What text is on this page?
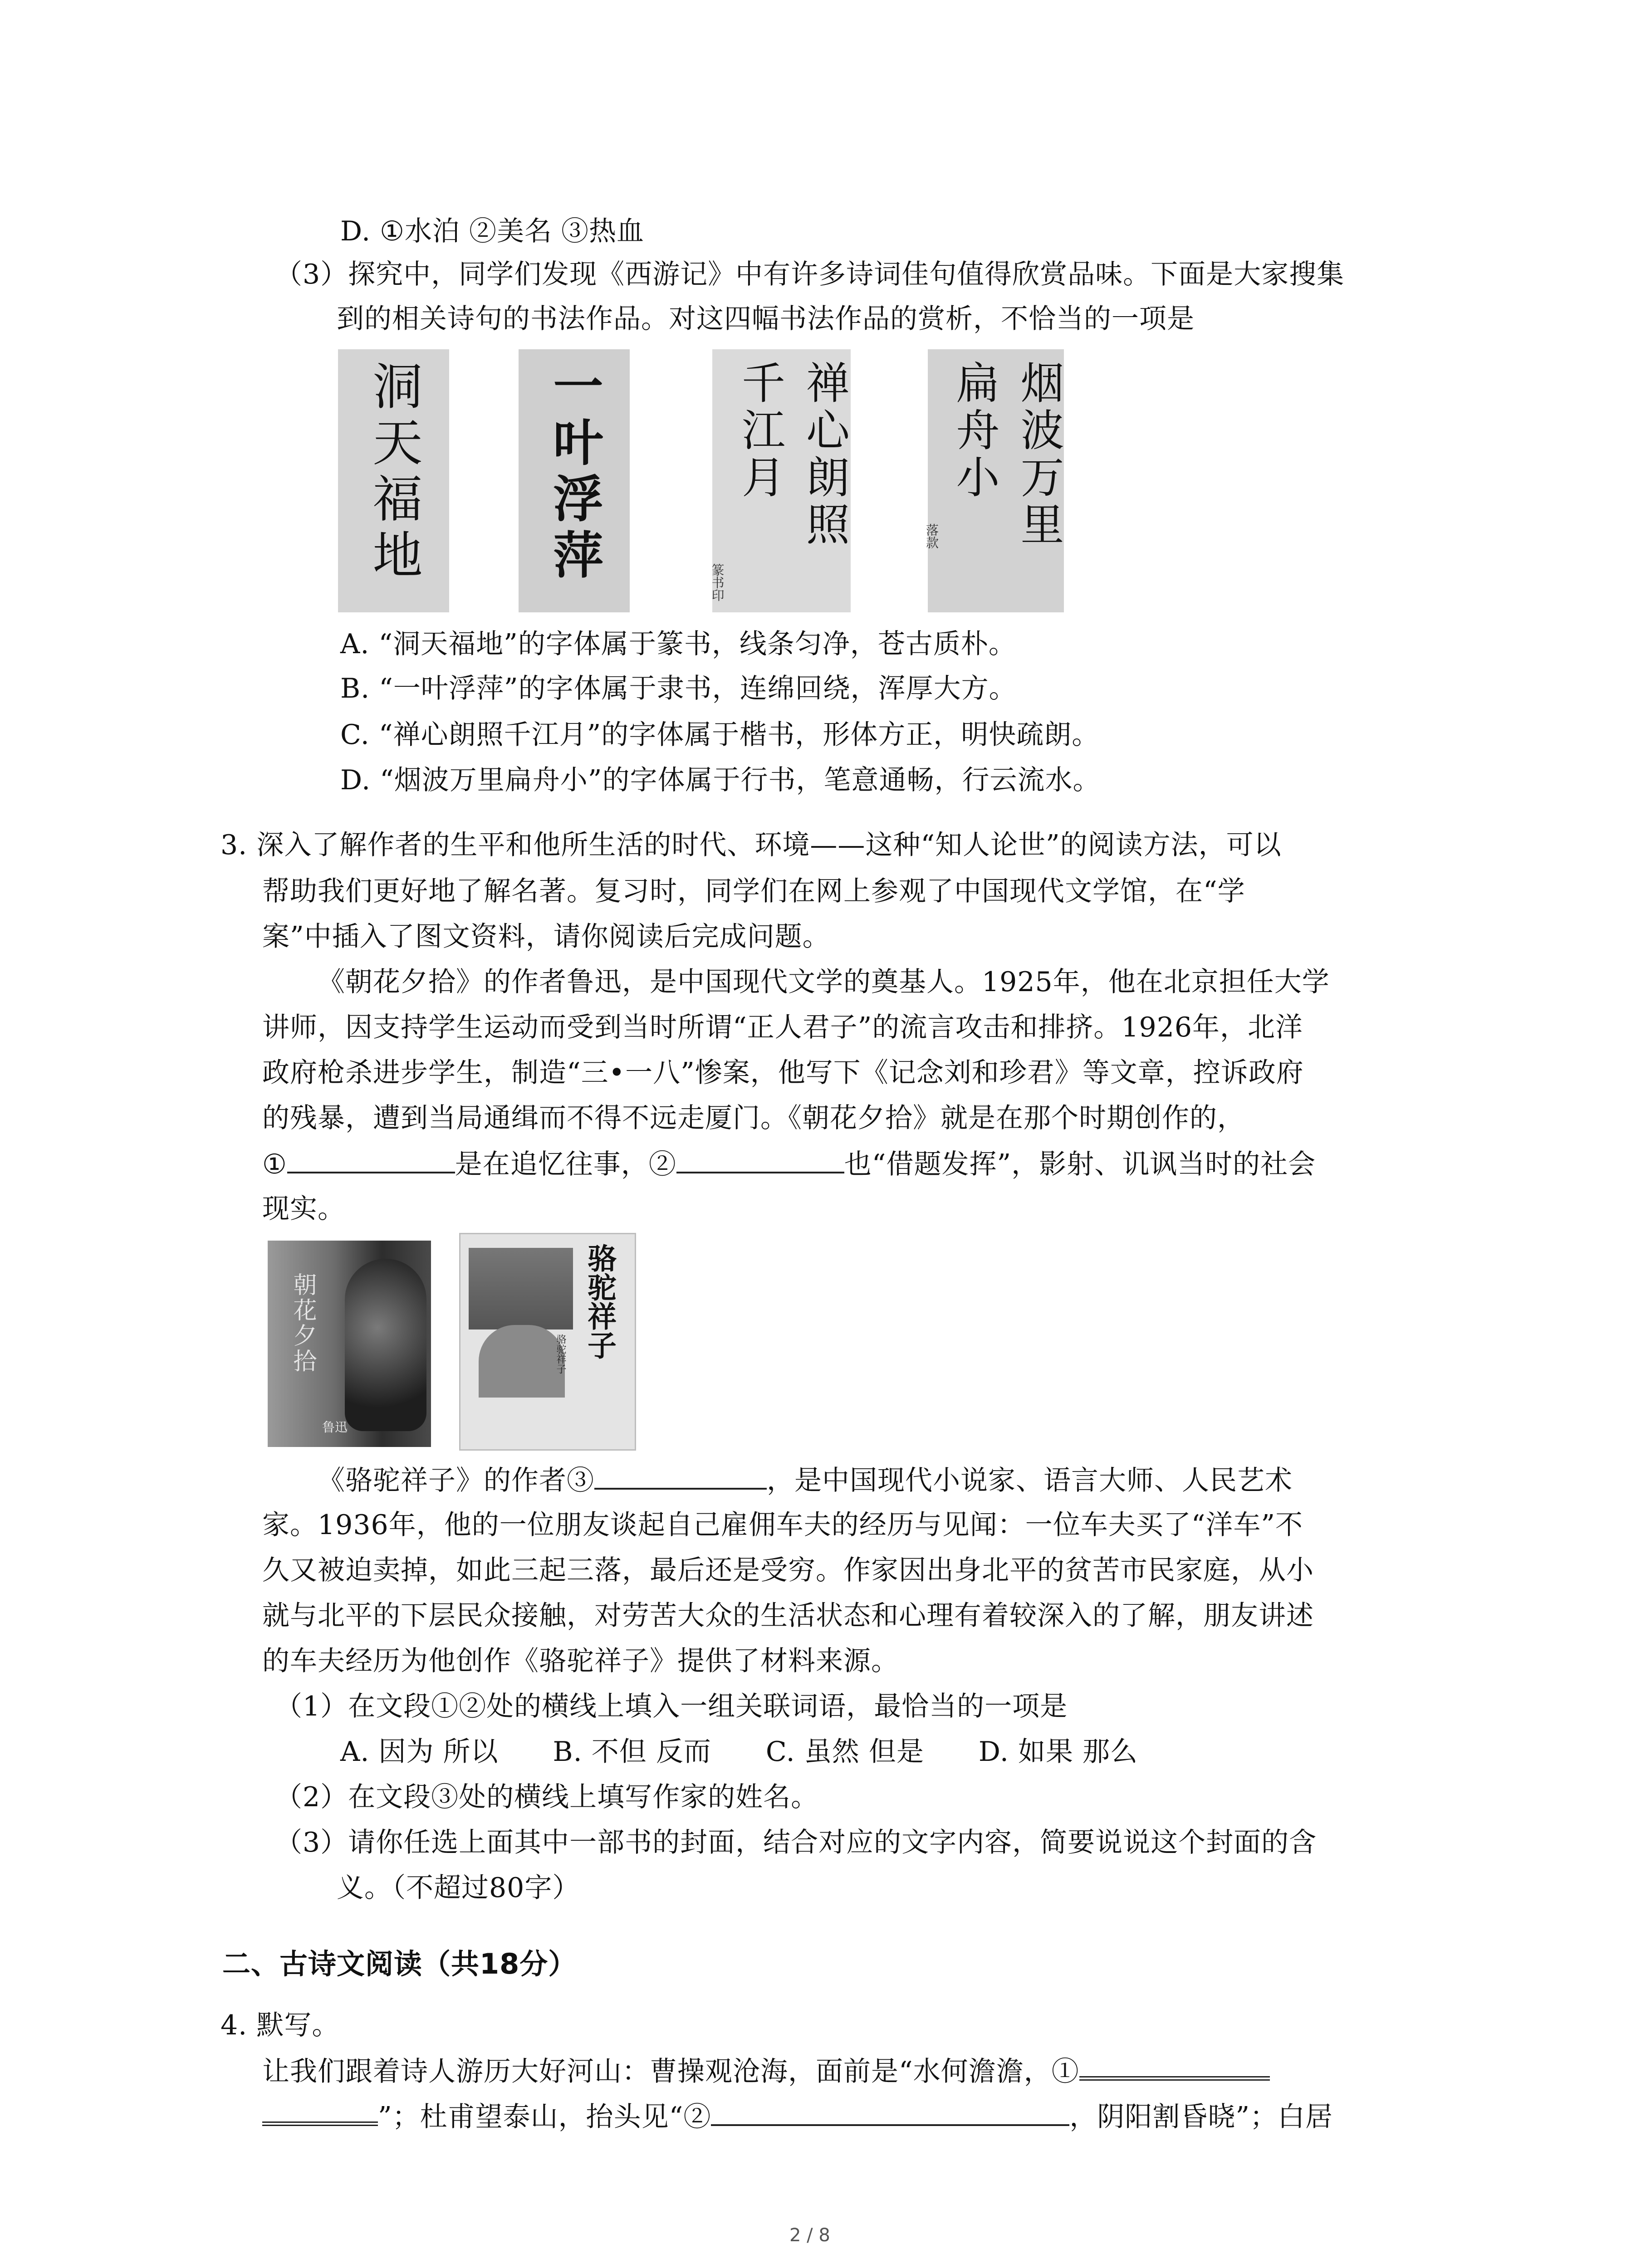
D. ①水泊 ②美名 ③热血
（3）探究中，同学们发现《西游记》中有许多诗词佳句值得欣赏品味。下面是大家搜集
到的相关诗句的书法作品。对这四幅书法作品的赏析，不恰当的一项是
洞天福地 一叶浮萍	禅心朗照
千江月
篆书印
烟波万里
扁舟小
落款
A. “洞天福地”的字体属于篆书，线条匀净，苍古质朴。
B. “一叶浮萍”的字体属于隶书，连绵回绕，浑厚大方。
C. “禅心朗照千江月”的字体属于楷书，形体方正，明快疏朗。
D. “烟波万里扁舟小”的字体属于行书，笔意通畅，行云流水。
3. 深入了解作者的生平和他所生活的时代、环境——这种“知人论世”的阅读方法，可以
帮助我们更好地了解名著。复习时，同学们在网上参观了中国现代文学馆，在“学
案”中插入了图文资料，请你阅读后完成问题。
《朝花夕拾》的作者鲁迅，是中国现代文学的奠基人。1925年，他在北京担任大学
讲师，因支持学生运动而受到当时所谓“正人君子”的流言攻击和排挤。1926年，北洋
政府枪杀进步学生，制造“三•一八”惨案，他写下《记念刘和珍君》等文章，控诉政府
的残暴，遭到当局通缉而不得不远走厦门。《朝花夕拾》就是在那个时期创作的，
①	是在追忆往事，②	也“借题发挥”，影射、讥讽当时的社会
现实。
朝花夕拾
鲁迅
骆驼祥子
骆驼祥子
《骆驼祥子》的作者③	，是中国现代小说家、语言大师、人民艺术
家。1936年，他的一位朋友谈起自己雇佣车夫的经历与见闻：一位车夫买了“洋车”不
久又被迫卖掉，如此三起三落，最后还是受穷。作家因出身北平的贫苦市民家庭，从小
就与北平的下层民众接触，对劳苦大众的生活状态和心理有着较深入的了解，朋友讲述
的车夫经历为他创作《骆驼祥子》提供了材料来源。
（1）在文段①②处的横线上填入一组关联词语，最恰当的一项是
A. 因为 所以 B. 不但 反而 C. 虽然 但是 D. 如果 那么
（2）在文段③处的横线上填写作家的姓名。
（3）请你任选上面其中一部书的封面，结合对应的文字内容，简要说说这个封面的含
义。（不超过80字）
二、古诗文阅读（共18分）
4. 默写。
让我们跟着诗人游历大好河山：曹操观沧海，面前是“水何澹澹，①
”；杜甫望泰山，抬头见“②	，阴阳割昏晓”；白居
2 / 8
